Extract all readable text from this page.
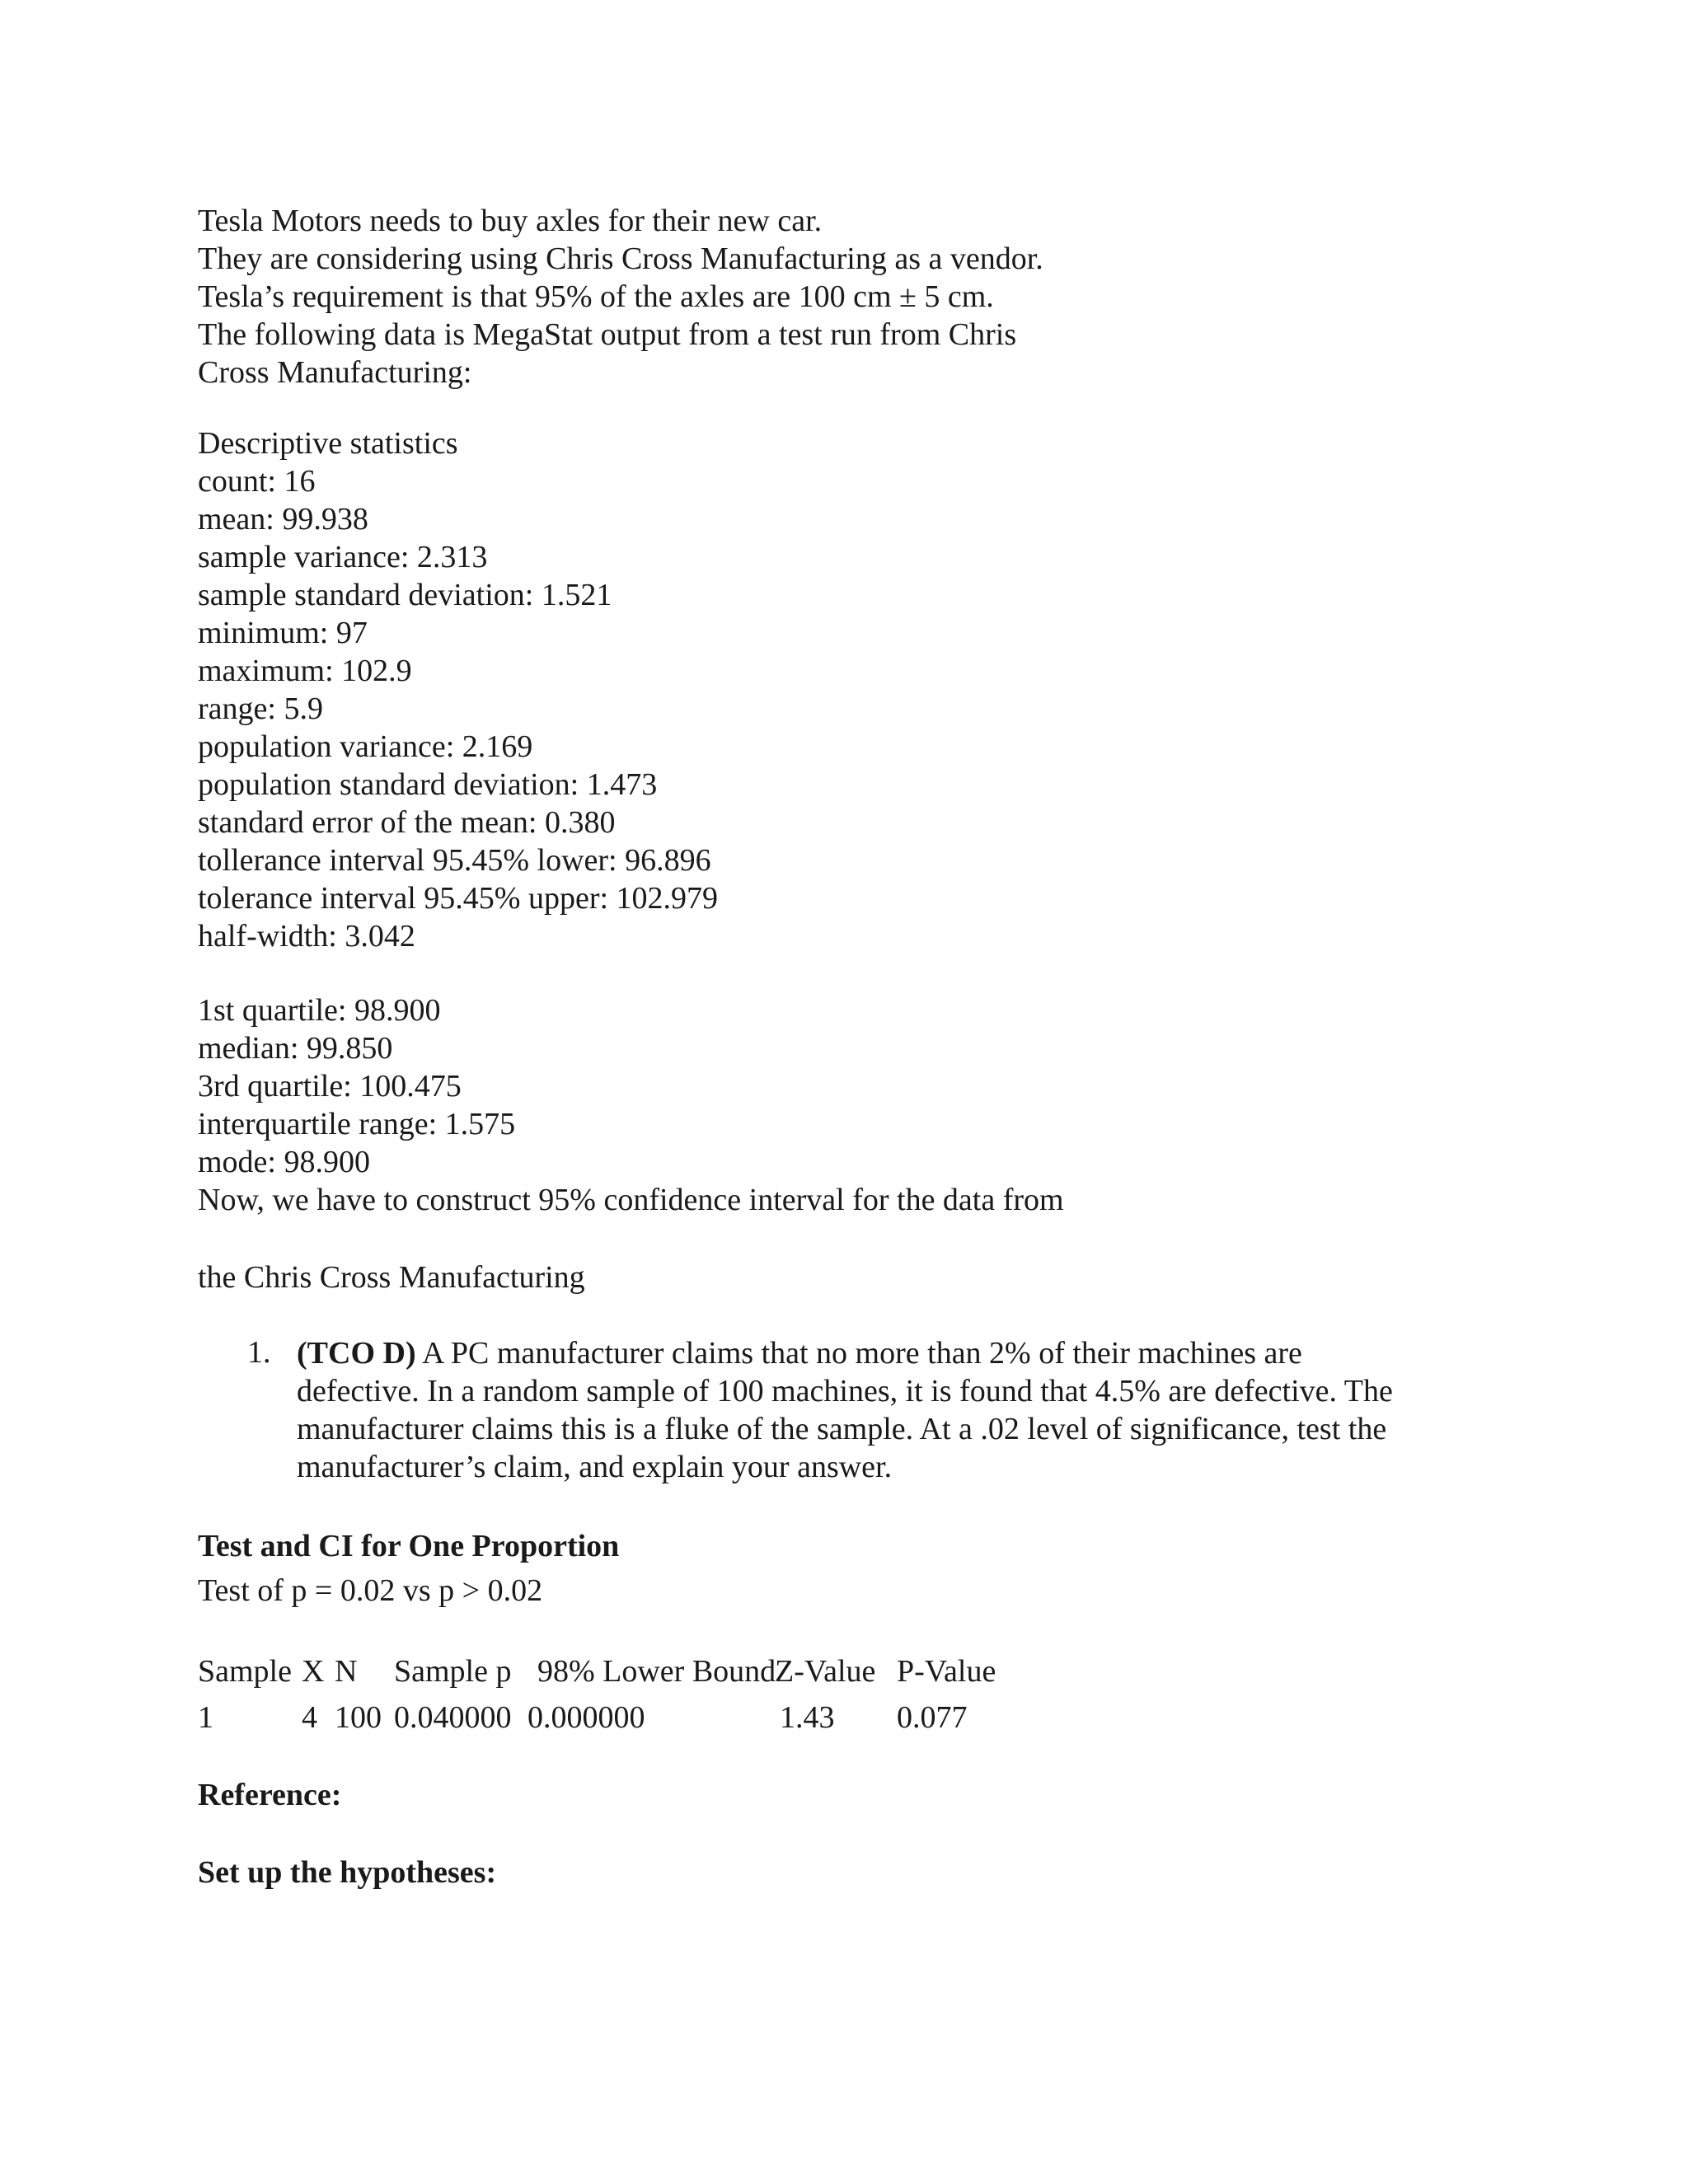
Tesla Motors needs to buy axles for their new car.
They are considering using Chris Cross Manufacturing as a vendor.
Tesla’s requirement is that 95% of the axles are 100 cm ± 5 cm.
The following data is MegaStat output from a test run from Chris
Cross Manufacturing:
Descriptive statistics
count: 16
mean: 99.938
sample variance: 2.313
sample standard deviation: 1.521
minimum: 97
maximum: 102.9
range: 5.9
population variance: 2.169
population standard deviation: 1.473
standard error of the mean: 0.380
tollerance interval 95.45% lower: 96.896
tolerance interval 95.45% upper: 102.979
half-width: 3.042
1st quartile: 98.900
median: 99.850
3rd quartile: 100.475
interquartile range: 1.575
mode: 98.900
Now, we have to construct 95% confidence interval for the data from
the Chris Cross Manufacturing
1. (TCO D) A PC manufacturer claims that no more than 2% of their machines are
defective. In a random sample of 100 machines, it is found that 4.5% are defective. The
manufacturer claims this is a fluke of the sample. At a .02 level of significance, test the
manufacturer’s claim, and explain your answer.
Test and CI for One Proportion
Test of p = 0.02 vs p > 0.02
Sample X N Sample p 98% Lower Bound
Z-Value P-Value
1	4 100 0.040000 0.000000	1.43 0.077
Reference:
Set up the hypotheses:
